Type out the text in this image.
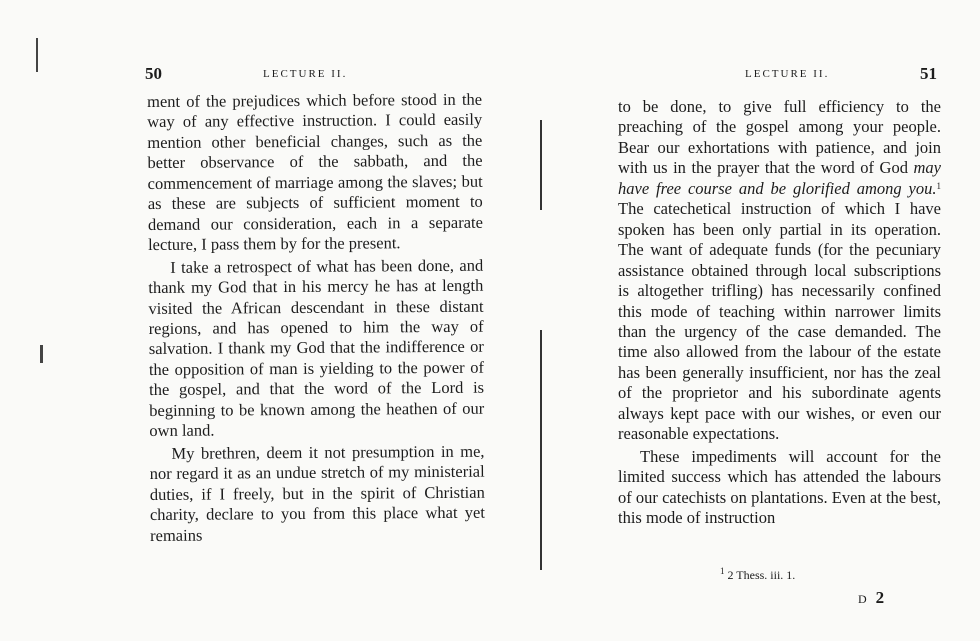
50	LECTURE II.

ment of the prejudices which before stood in the way of any effective instruction. I could easily mention other beneficial changes, such as the better observance of the sabbath, and the commencement of marriage among the slaves; but as these are subjects of sufficient moment to demand our consideration, each in a separate lecture, I pass them by for the present.

I take a retrospect of what has been done, and thank my God that in his mercy he has at length visited the African descendant in these distant regions, and has opened to him the way of salvation. I thank my God that the indifference or the opposition of man is yielding to the power of the gospel, and that the word of the Lord is beginning to be known among the heathen of our own land.

My brethren, deem it not presumption in me, nor regard it as an undue stretch of my ministerial duties, if I freely, but in the spirit of Christian charity, declare to you from this place what yet remains

LECTURE II.	51

to be done, to give full efficiency to the preaching of the gospel among your people. Bear our exhortations with patience, and join with us in the prayer that the word of God may have free course and be glorified among you.$^1$ The catechetical instruction of which I have spoken has been only partial in its operation. The want of adequate funds (for the pecuniary assistance obtained through local subscriptions is altogether trifling) has necessarily confined this mode of teaching within narrower limits than the urgency of the case demanded. The time also allowed from the labour of the estate has been generally insufficient, nor has the zeal of the proprietor and his subordinate agents always kept pace with our wishes, or even our reasonable expectations.

These impediments will account for the limited success which has attended the labours of our catechists on plantations. Even at the best, this mode of instruction

$^1$ 2 Thess. iii. 1.
D 2
